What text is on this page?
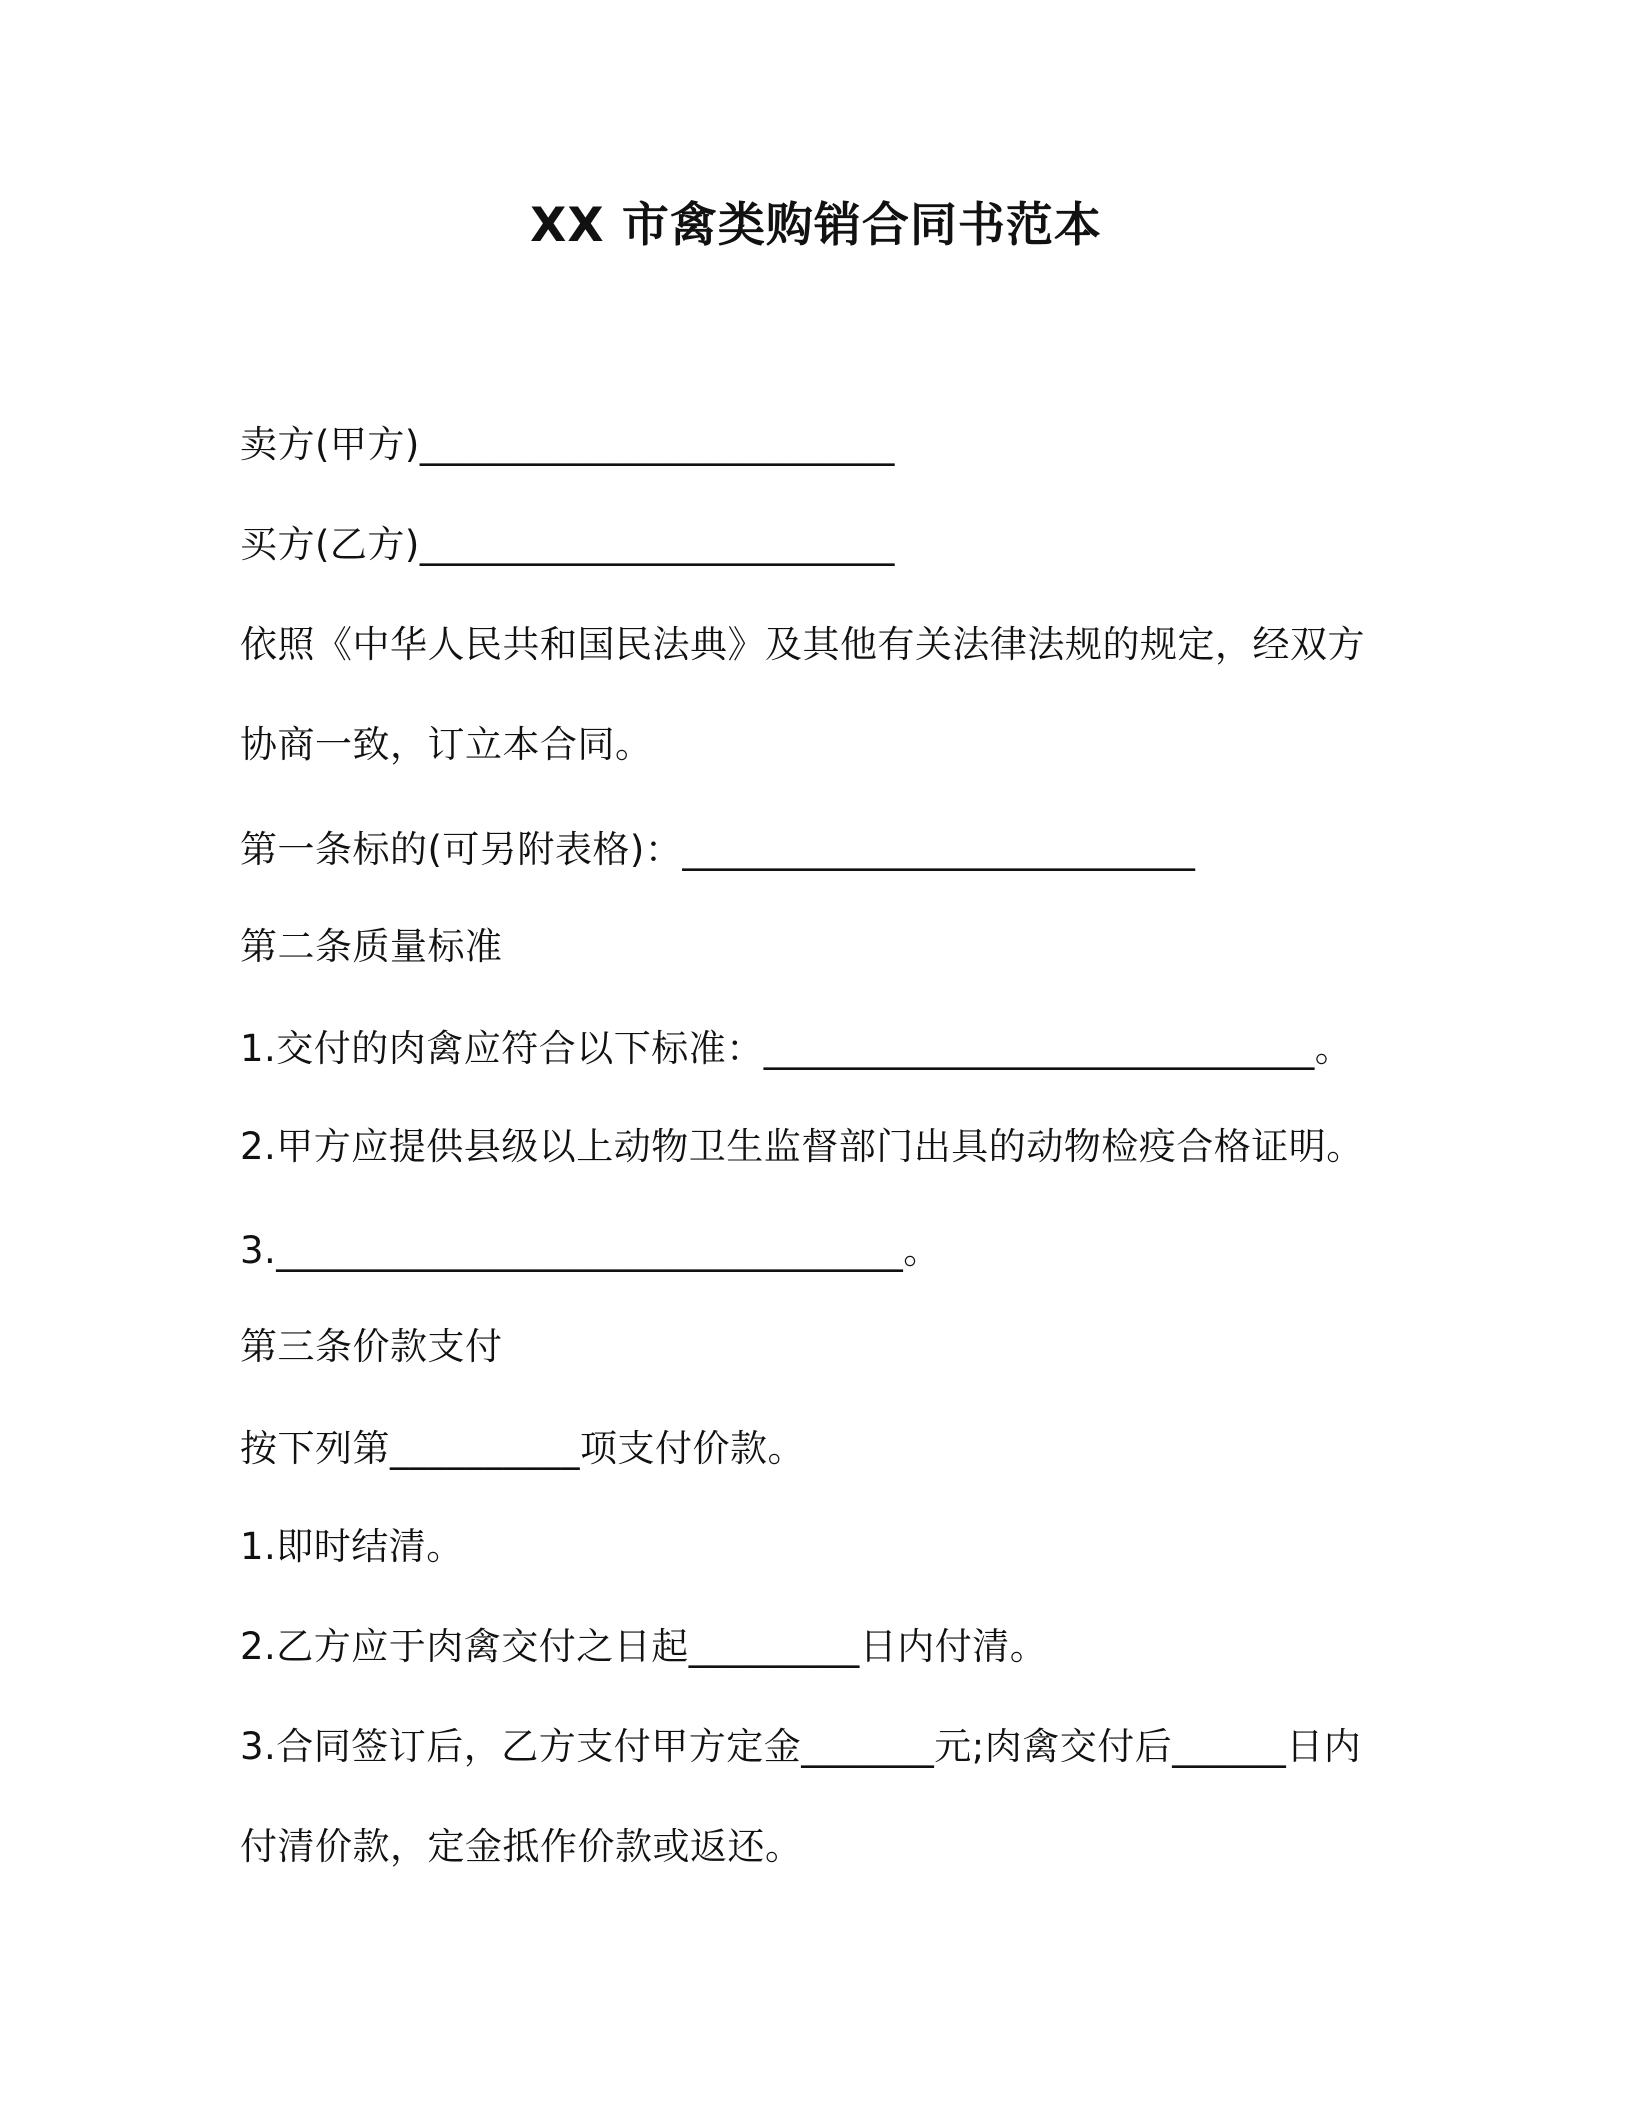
XX 市禽类购销合同书范本
卖方(甲方)_________________________
买方(乙方)_________________________
依照《中华人民共和国民法典》及其他有关法律法规的规定，经双方
协商一致，订立本合同。
第一条标的(可另附表格)：___________________________
第二条质量标准
1.交付的肉禽应符合以下标准：_____________________________。
2.甲方应提供县级以上动物卫生监督部门出具的动物检疫合格证明。
3._________________________________。
第三条价款支付
按下列第__________项支付价款。
1.即时结清。
2.乙方应于肉禽交付之日起_________日内付清。
3.合同签订后，乙方支付甲方定金_______元;肉禽交付后______日内
付清价款，定金抵作价款或返还。
